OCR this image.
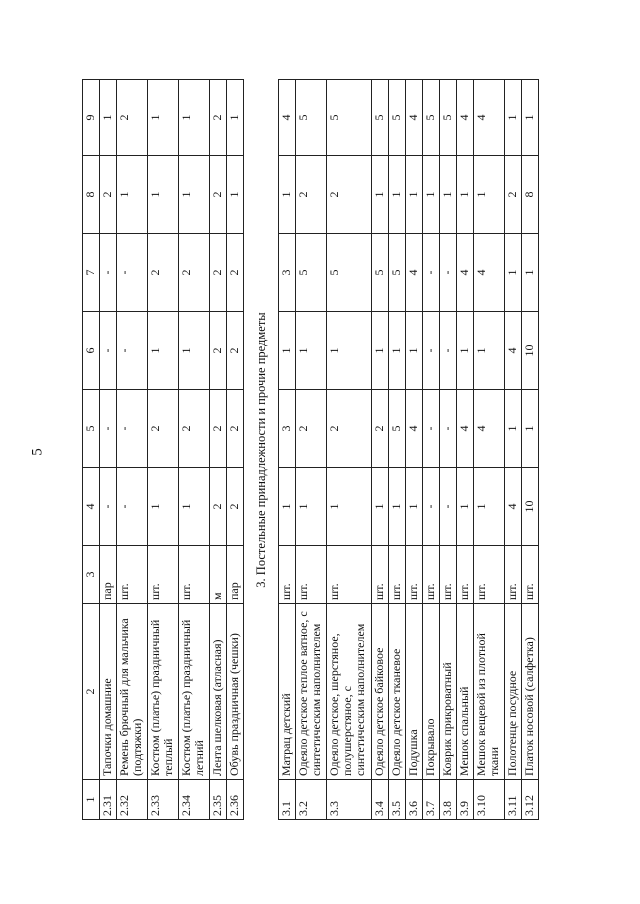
5
1	2	3	4	5	6	7	8	9
2.31	Тапочки домашние	пар	-	-	-	-	2	1
2.32	Ремень брючный для мальчика (подтяжки)	шт.	-	-	-	-	1	2
2.33	Костюм (платье) праздничный теплый	шт.	1	2	1	2	1	1
2.34	Костюм (платье) праздничный летний	шт.	1	2	1	2	1	1
2.35	Лента шелковая (атласная)	м	2	2	2	2	2	2
2.36	Обувь праздничная (чешки)	пар	2	2	2	2	1	1
3. Постельные принадлежности и прочие предметы
3.1	Матрац детский	шт.	1	3	1	3	1	4
3.2	Одеяло детское теплое ватное, с синтетическим наполнителем	шт.	1	2	1	5	2	5
3.3	Одеяло детское, шерстяное, полушерстяное, с синтетическим наполнителем	шт.	1	2	1	5	2	5
3.4	Одеяло детское байковое	шт.	1	2	1	5	1	5
3.5	Одеяло детское тканевое	шт.	1	5	1	5	1	5
3.6	Подушка	шт.	1	4	1	4	1	4
3.7	Покрывало	шт.	-	-	-	-	1	5
3.8	Коврик прикроватный	шт.	-	-	-	-	1	5
3.9	Мешок спальный	шт.	1	4	1	4	1	4
3.10	Мешок вещевой из плотной ткани	шт.	1	4	1	4	1	4
3.11	Полотенце посудное	шт.	4	1	4	1	2	1
3.12	Платок носовой (салфетка)	шт.	10	1	10	1	8	1
